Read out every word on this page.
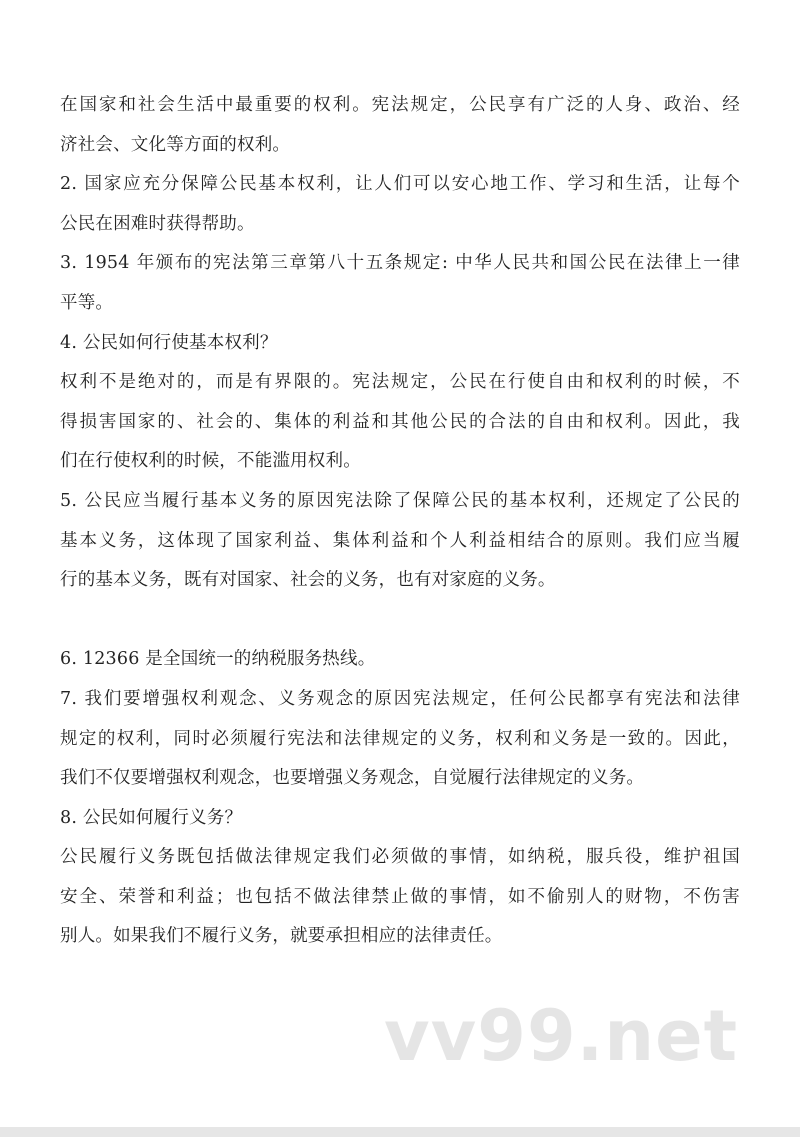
在国家和社会生活中最重要的权利。宪法规定，公民享有广泛的人身、政治、经
济社会、文化等方面的权利。
2. 国家应充分保障公民基本权利，让人们可以安心地工作、学习和生活，让每个
公民在困难时获得帮助。
3. 1954 年颁布的宪法第三章第八十五条规定: 中华人民共和国公民在法律上一律
平等。
4. 公民如何行使基本权利？
权利不是绝对的，而是有界限的。宪法规定，公民在行使自由和权利的时候，不
得损害国家的、社会的、集体的利益和其他公民的合法的自由和权利。因此，我
们在行使权利的时候，不能滥用权利。
5. 公民应当履行基本义务的原因宪法除了保障公民的基本权利，还规定了公民的
基本义务，这体现了国家利益、集体利益和个人利益相结合的原则。我们应当履
行的基本义务，既有对国家、社会的义务，也有对家庭的义务。
6. 12366 是全国统一的纳税服务热线。
7. 我们要增强权利观念、义务观念的原因宪法规定，任何公民都享有宪法和法律
规定的权利，同时必须履行宪法和法律规定的义务，权利和义务是一致的。因此，
我们不仅要增强权利观念，也要增强义务观念，自觉履行法律规定的义务。
8. 公民如何履行义务？
公民履行义务既包括做法律规定我们必须做的事情，如纳税，服兵役，维护祖国
安全、荣誉和利益；也包括不做法律禁止做的事情，如不偷别人的财物，不伤害
别人。如果我们不履行义务，就要承担相应的法律责任。
vv99.net
